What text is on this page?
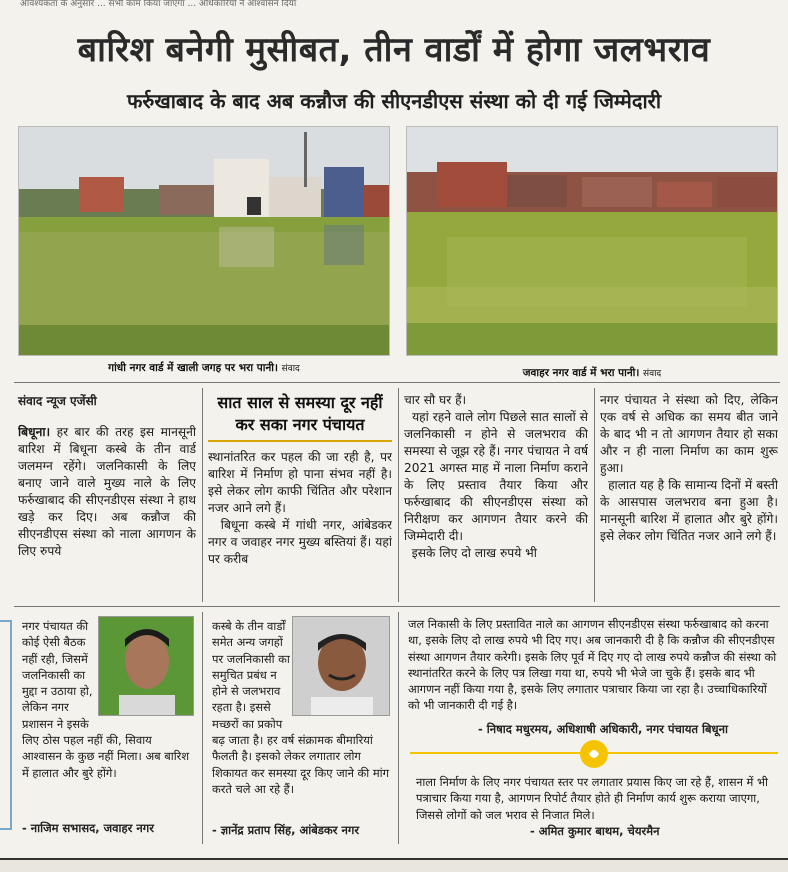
आवश्यकता के अनुसार ... सभी काम किया जाएगा ... अधिकारियों ने आश्वासन दिया
बारिश बनेगी मुसीबत, तीन वार्डों में होगा जलभराव
फर्रुखाबाद के बाद अब कन्नौज की सीएनडीएस संस्था को दी गई जिम्मेदारी
गांधी नगर वार्ड में खाली जगह पर भरा पानी। संवाद	जवाहर नगर वार्ड में भरा पानी। संवाद
संवाद न्यूज एजेंसी
बिधूना। हर बार की तरह इस मानसूनी बारिश में बिधूना कस्बे के तीन वार्ड जलमग्न रहेंगे। जलनिकासी के लिए बनाए जाने वाले मुख्य नाले के लिए फर्रुखाबाद की सीएनडीएस संस्था ने हाथ खड़े कर दिए। अब कन्नौज की सीएनडीएस संस्था को नाला आगणन के लिए रुपये
सात साल से समस्या दूर नहीं कर सका नगर पंचायत
स्थानांतरित कर पहल की जा रही है, पर बारिश में निर्माण हो पाना संभव नहीं है। इसे लेकर लोग काफी चिंतित और परेशान नजर आने लगे हैं।
बिधूना कस्बे में गांधी नगर, आंबेडकर नगर व जवाहर नगर मुख्य बस्तियां हैं। यहां पर करीब
चार सौ घर हैं।
यहां रहने वाले लोग पिछले सात सालों से जलनिकासी न होने से जलभराव की समस्या से जूझ रहे हैं। नगर पंचायत ने वर्ष 2021 अगस्त माह में नाला निर्माण कराने के लिए प्रस्ताव तैयार किया और फर्रुखाबाद की सीएनडीएस संस्था को निरीक्षण कर आगणन तैयार करने की जिम्मेदारी दी।
इसके लिए दो लाख रुपये भी
नगर पंचायत ने संस्था को दिए, लेकिन एक वर्ष से अधिक का समय बीत जाने के बाद भी न तो आगणन तैयार हो सका और न ही नाला निर्माण का काम शुरू हुआ।
हालात यह है कि सामान्य दिनों में बस्ती के आसपास जलभराव बना हुआ है। मानसूनी बारिश में हालात और बुरे होंगे। इसे लेकर लोग चिंतित नजर आने लगे हैं।
नगर पंचायत की कोई ऐसी बैठक नहीं रही, जिसमें जलनिकासी का मुद्दा न उठाया हो, लेकिन नगर प्रशासन ने इसके लिए ठोस पहल नहीं की, सिवाय आश्वासन के कुछ नहीं मिला। अब बारिश में हालात और बुरे होंगे।
- नाजिम सभासद, जवाहर नगर
कस्बे के तीन वार्डों समेत अन्य जगहों पर जलनिकासी का समुचित प्रबंध न होने से जलभराव रहता है। इससे मच्छरों का प्रकोप बढ़ जाता है। हर वर्ष संक्रामक बीमारियां फैलती है। इसको लेकर लगातार लोग शिकायत कर समस्या दूर किए जाने की मांग करते चले आ रहे हैं।
- ज्ञानेंद्र प्रताप सिंह, आंबेडकर नगर
जल निकासी के लिए प्रस्तावित नाले का आगणन सीएनडीएस संस्था फर्रुखाबाद को करना था, इसके लिए दो लाख रुपये भी दिए गए। अब जानकारी दी है कि कन्नौज की सीएनडीएस संस्था आगणन तैयार करेगी। इसके लिए पूर्व में दिए गए दो लाख रुपये कन्नौज की संस्था को स्थानांतरित करने के लिए पत्र लिखा गया था, रुपये भी भेजे जा चुके हैं। इसके बाद भी आगणन नहीं किया गया है, इसके लिए लगातार पत्राचार किया जा रहा है। उच्चाधिकारियों को भी जानकारी दी गई है।
- निषाद मधुरमय, अधिशाषी अधिकारी, नगर पंचायत बिधूना
नाला निर्माण के लिए नगर पंचायत स्तर पर लगातार प्रयास किए जा रहे हैं, शासन में भी पत्राचार किया गया है, आगणन रिपोर्ट तैयार होते ही निर्माण कार्य शुरू कराया जाएगा, जिससे लोगों को जल भराव से निजात मिले।
- अमित कुमार बाथम, चेयरमैन
